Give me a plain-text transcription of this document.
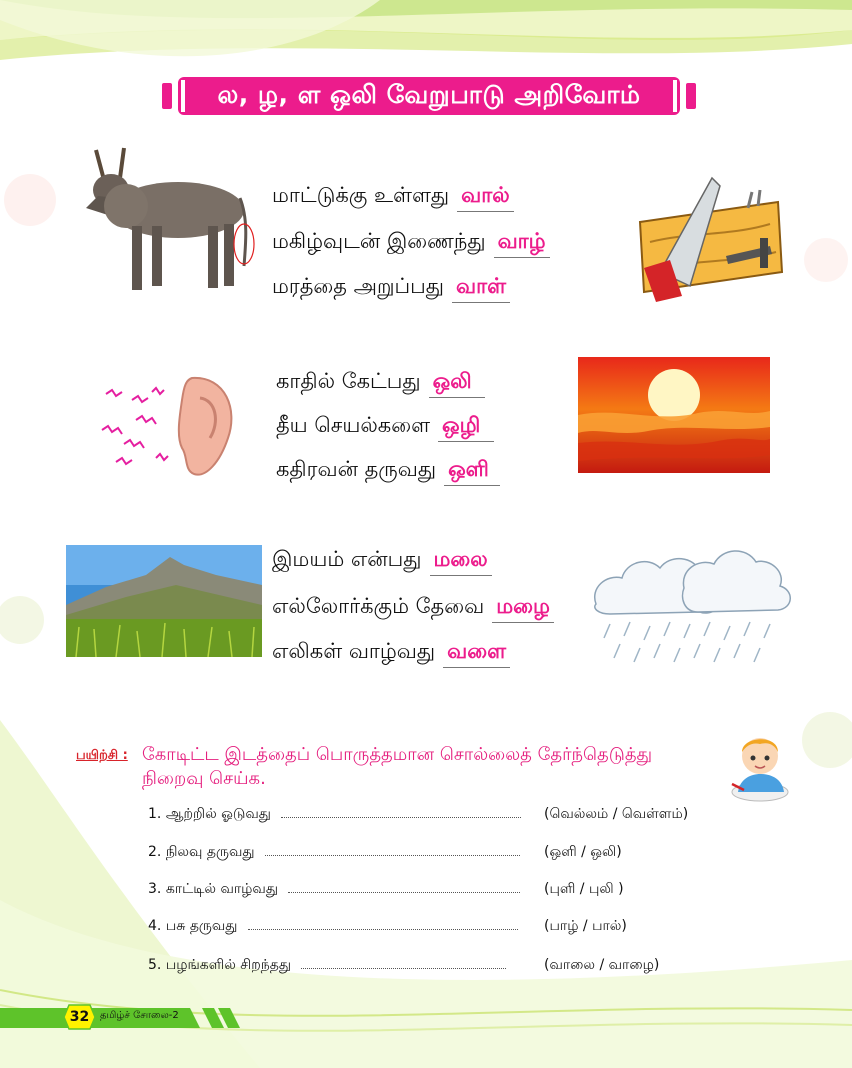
ல, ழ, ள ஒலி வேறுபாடு அறிவோம்
மாட்டுக்கு உள்ளது வால்
மகிழ்வுடன் இணைந்து வாழ்
மரத்தை அறுப்பது வாள்
காதில் கேட்பது ஒலி
தீய செயல்களை ஒழி
கதிரவன் தருவது ஒளி
இமயம் என்பது மலை
எல்லோர்க்கும் தேவை மழை
எலிகள் வாழ்வது வளை
பயிற்சி : கோடிட்ட இடத்தைப் பொருத்தமான சொல்லைத் தேர்ந்தெடுத்து நிறைவு செய்க.
1. ஆற்றில் ஓடுவது	(வெல்லம் / வெள்ளம்)
2. நிலவு தருவது	(ஒளி / ஒலி)
3. காட்டில் வாழ்வது	(புளி / புலி )
4. பசு தருவது	(பாழ் / பால்)
5. பழங்களில் சிறந்தது	(வாலை / வாழை)
32	தமிழ்ச் சோலை-2
